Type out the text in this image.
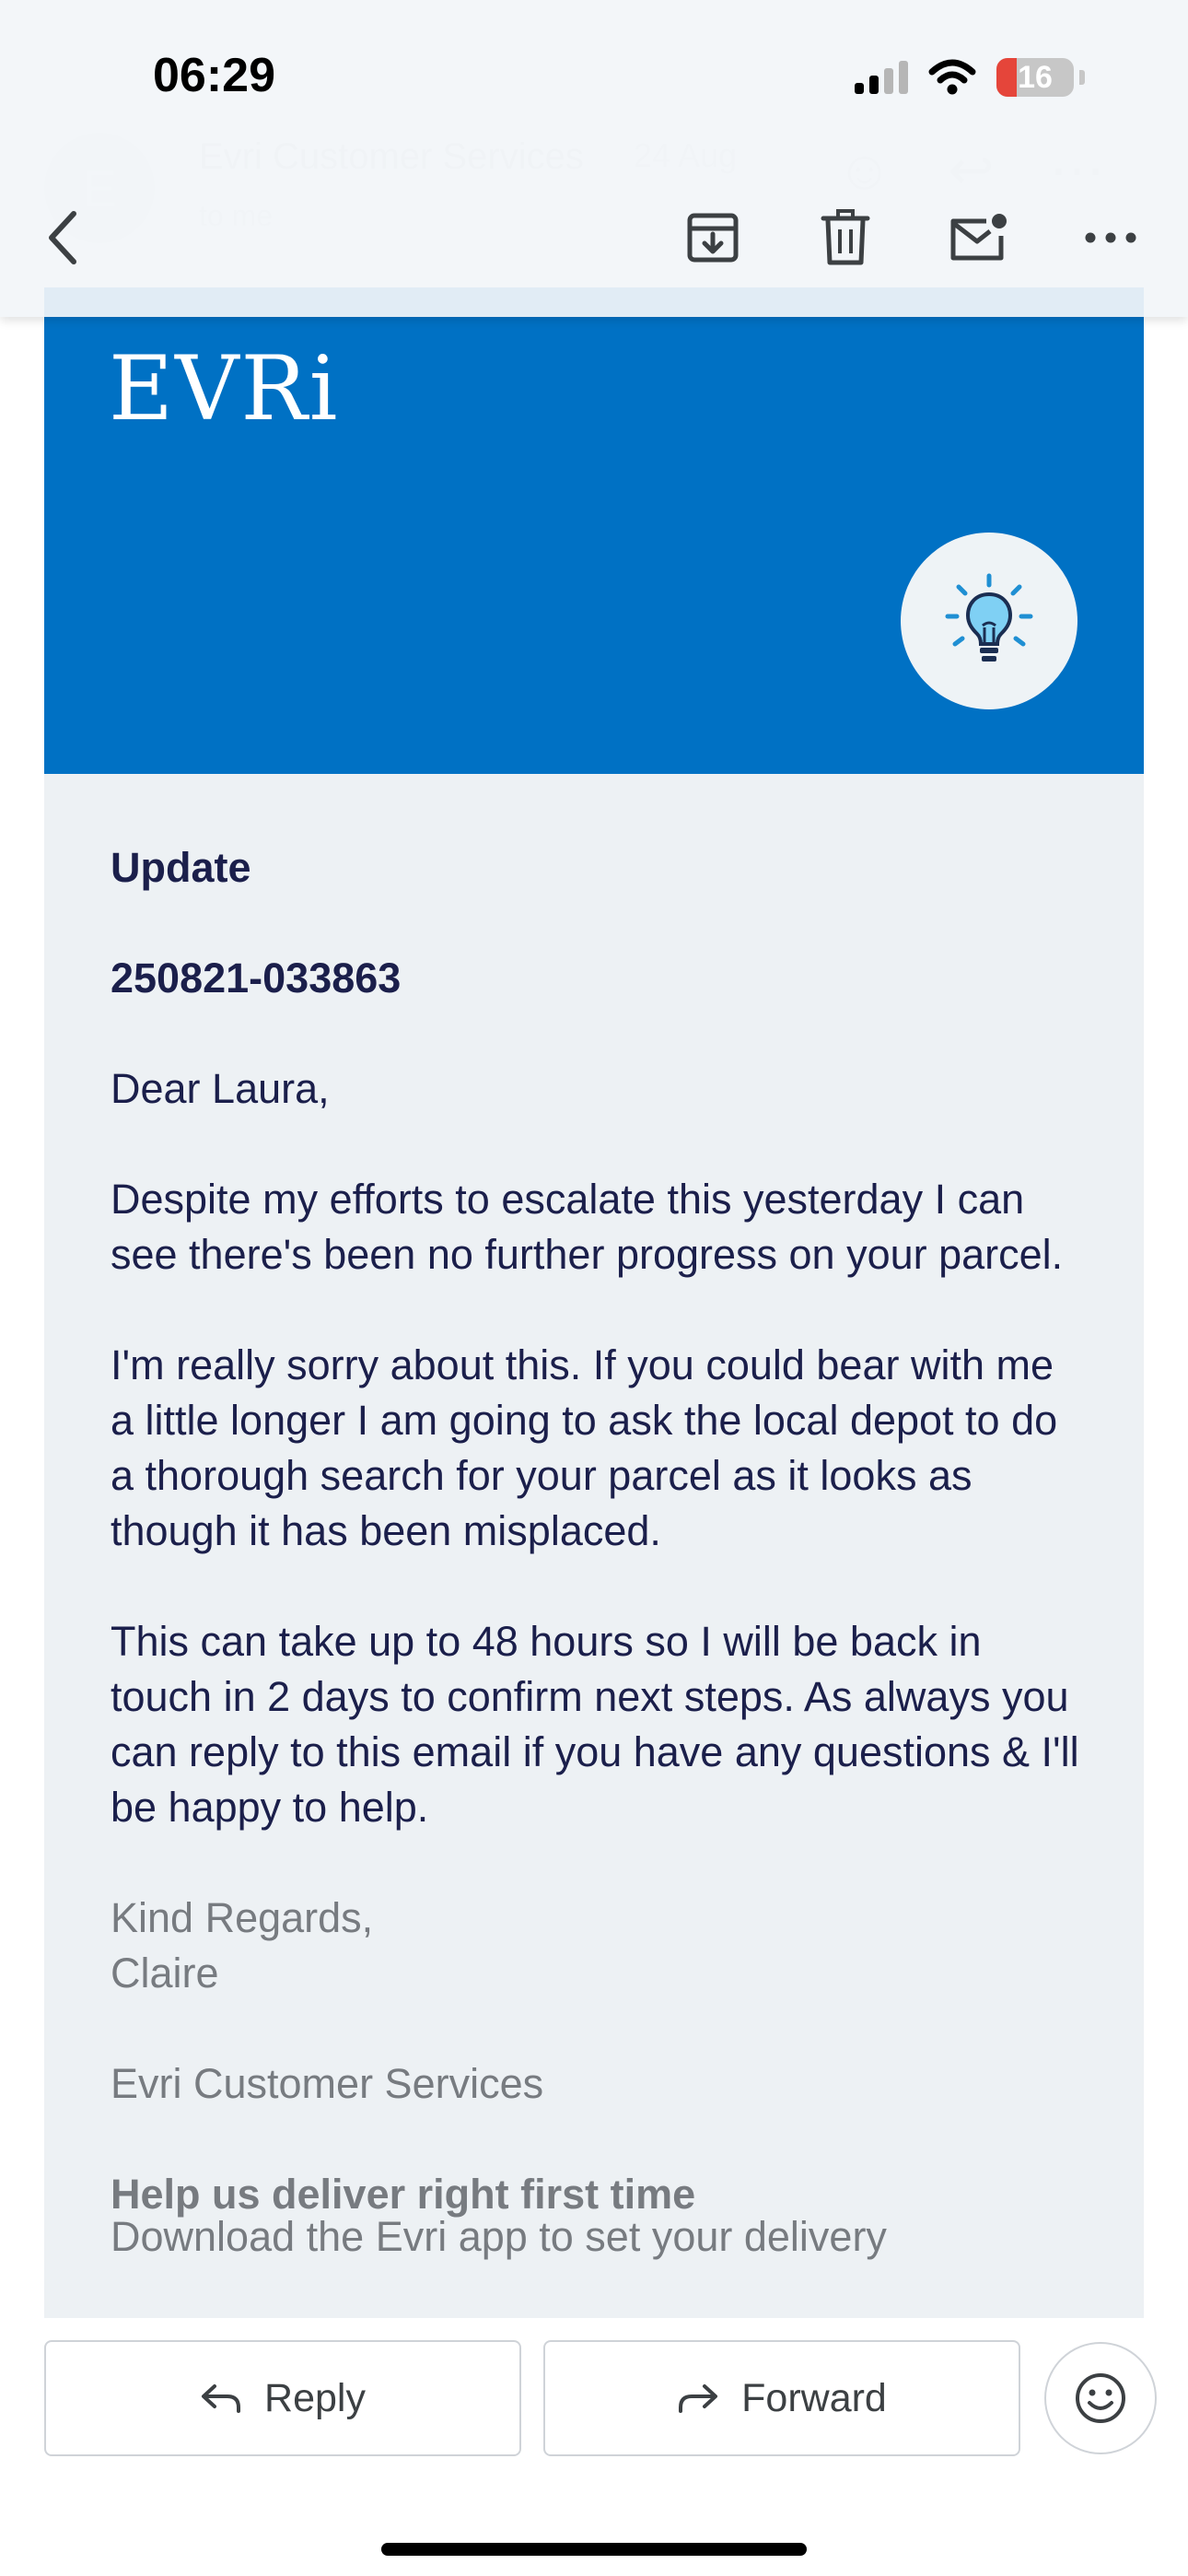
06:29	16
EVRi

Update

250821-033863

Dear Laura,

Despite my efforts to escalate this yesterday I can see there's been no further progress on your parcel.

I'm really sorry about this. If you could bear with me a little longer I am going to ask the local depot to do a thorough search for your parcel as it looks as though it has been misplaced.

This can take up to 48 hours so I will be back in touch in 2 days to confirm next steps. As always you can reply to this email if you have any questions & I'll be happy to help.

Kind Regards,
Claire

Evri Customer Services

Help us deliver right first time

Download the Evri app to set your delivery
Reply	Forward
